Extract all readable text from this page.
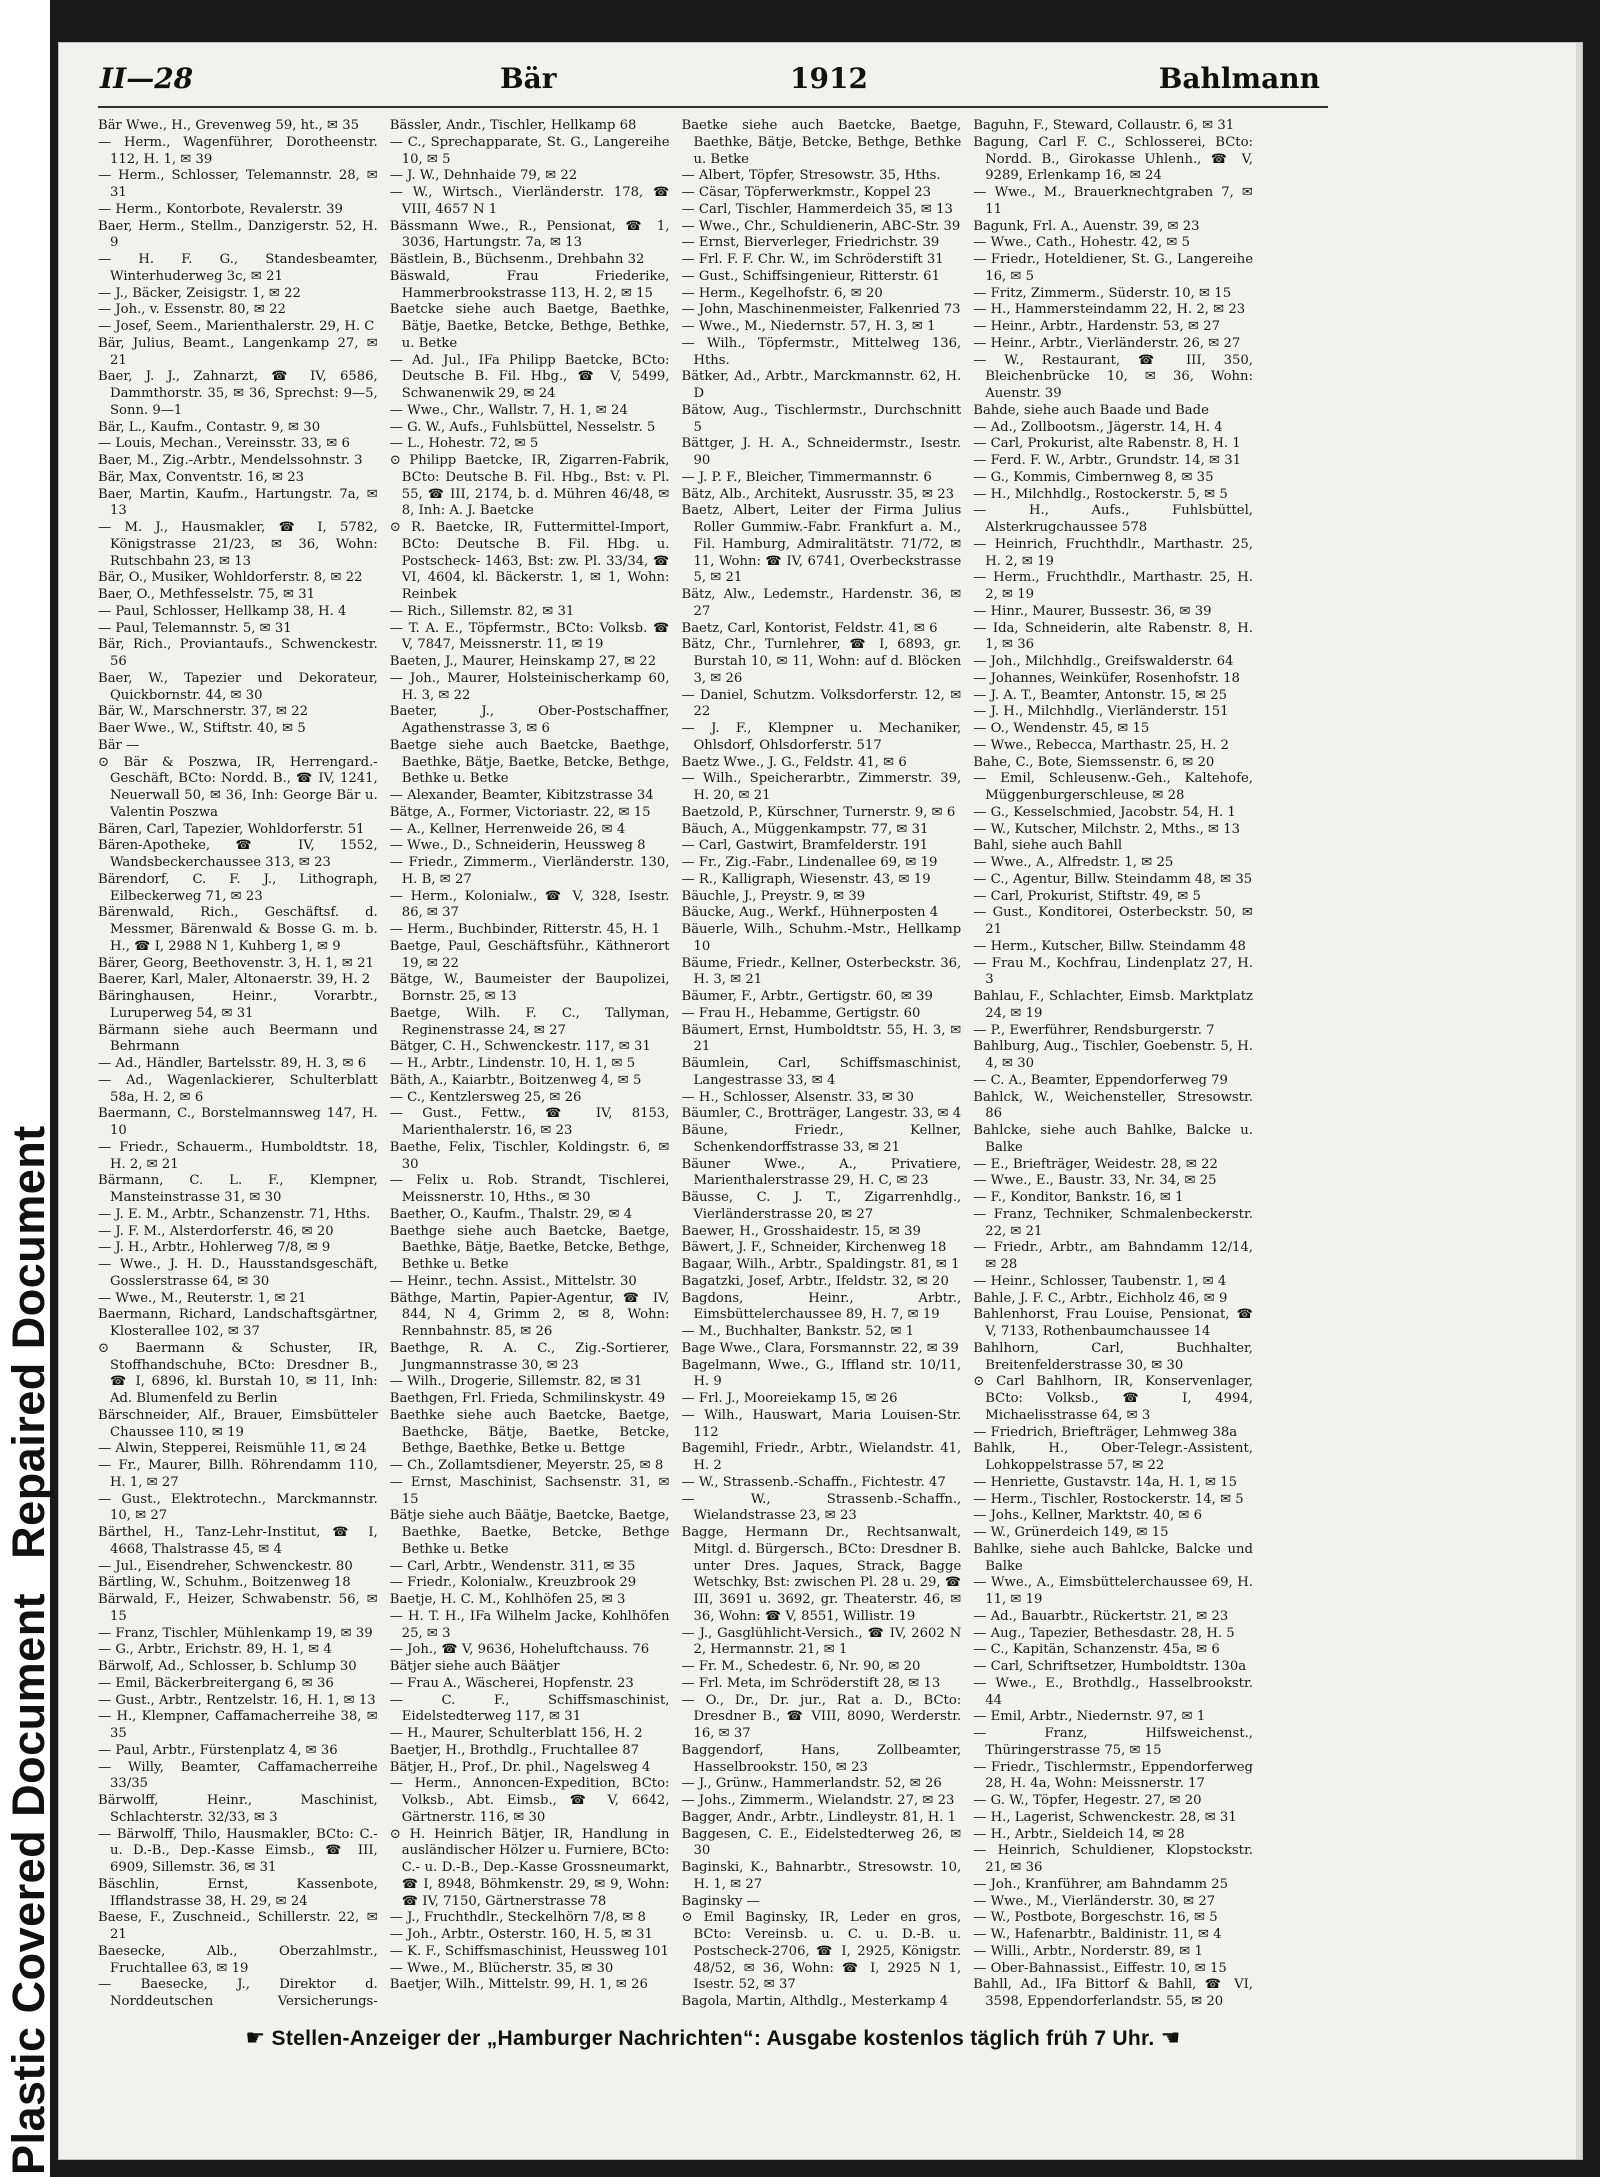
Plastic Covered DocumentRepaired Document
II—28	Bär	1912	Bahlmann

Bär Wwe., H., Grevenweg 59, ht., ✉ 35

— Herm., Wagenführer, Dorotheenstr. 112, H. 1, ✉ 39

— Herm., Schlosser, Telemannstr. 28, ✉ 31

— Herm., Kontorbote, Revalerstr. 39

Baer, Herm., Stellm., Danzigerstr. 52, H. 9

— H. F. G., Standesbeamter, Winterhuderweg 3c, ✉ 21

— J., Bäcker, Zeisigstr. 1, ✉ 22

— Joh., v. Essenstr. 80, ✉ 22

— Josef, Seem., Marienthalerstr. 29, H. C

Bär, Julius, Beamt., Langenkamp 27, ✉ 21

Baer, J. J., Zahnarzt, ☎ IV, 6586, Dammthorstr. 35, ✉ 36, Sprechst: 9—5, Sonn. 9—1

Bär, L., Kaufm., Contastr. 9, ✉ 30

— Louis, Mechan., Vereinsstr. 33, ✉ 6

Baer, M., Zig.-Arbtr., Mendelssohnstr. 3

Bär, Max, Conventstr. 16, ✉ 23

Baer, Martin, Kaufm., Hartungstr. 7a, ✉ 13

— M. J., Hausmakler, ☎ I, 5782, Königstrasse 21/23, ✉ 36, Wohn: Rutschbahn 23, ✉ 13

Bär, O., Musiker, Wohldorferstr. 8, ✉ 22

Baer, O., Methfesselstr. 75, ✉ 31

— Paul, Schlosser, Hellkamp 38, H. 4

— Paul, Telemannstr. 5, ✉ 31

Bär, Rich., Proviantaufs., Schwenckestr. 56

Baer, W., Tapezier und Dekorateur, Quickbornstr. 44, ✉ 30

Bär, W., Marschnerstr. 37, ✉ 22

Baer Wwe., W., Stiftstr. 40, ✉ 5

Bär —

⊙ Bär & Poszwa, IR, Herrengard.-Geschäft, BCto: Nordd. B., ☎ IV, 1241, Neuerwall 50, ✉ 36, Inh: George Bär u. Valentin Poszwa

Bären, Carl, Tapezier, Wohldorferstr. 51

Bären-Apotheke, ☎ IV, 1552, Wandsbeckerchaussee 313, ✉ 23

Bärendorf, C. F. J., Lithograph, Eilbeckerweg 71, ✉ 23

Bärenwald, Rich., Geschäftsf. d. Messmer, Bärenwald & Bosse G. m. b. H., ☎ I, 2988 N 1, Kuhberg 1, ✉ 9

Bärer, Georg, Beethovenstr. 3, H. 1, ✉ 21

Baerer, Karl, Maler, Altonaerstr. 39, H. 2

Bäringhausen, Heinr., Vorarbtr., Luruperweg 54, ✉ 31

Bärmann siehe auch Beermann und Behrmann

— Ad., Händler, Bartelsstr. 89, H. 3, ✉ 6

— Ad., Wagenlackierer, Schulterblatt 58a, H. 2, ✉ 6

Baermann, C., Borstelmannsweg 147, H. 10

— Friedr., Schauerm., Humboldtstr. 18, H. 2, ✉ 21

Bärmann, C. L. F., Klempner, Mansteinstrasse 31, ✉ 30

— J. E. M., Arbtr., Schanzenstr. 71, Hths.

— J. F. M., Alsterdorferstr. 46, ✉ 20

— J. H., Arbtr., Hohlerweg 7/8, ✉ 9

— Wwe., J. H. D., Hausstandsgeschäft, Gosslerstrasse 64, ✉ 30

— Wwe., M., Reuterstr. 1, ✉ 21

Baermann, Richard, Landschaftsgärtner, Klosterallee 102, ✉ 37

⊙ Baermann & Schuster, IR, Stoffhandschuhe, BCto: Dresdner B., ☎ I, 6896, kl. Burstah 10, ✉ 11, Inh: Ad. Blumenfeld zu Berlin

Bärschneider, Alf., Brauer, Eimsbütteler Chaussee 110, ✉ 19

— Alwin, Stepperei, Reismühle 11, ✉ 24

— Fr., Maurer, Billh. Röhrendamm 110, H. 1, ✉ 27

— Gust., Elektrotechn., Marckmannstr. 10, ✉ 27

Bärthel, H., Tanz-Lehr-Institut, ☎ I, 4668, Thalstrasse 45, ✉ 4

— Jul., Eisendreher, Schwenckestr. 80

Bärtling, W., Schuhm., Boitzenweg 18

Bärwald, F., Heizer, Schwabenstr. 56, ✉ 15

— Franz, Tischler, Mühlenkamp 19, ✉ 39

— G., Arbtr., Erichstr. 89, H. 1, ✉ 4

Bärwolf, Ad., Schlosser, b. Schlump 30

— Emil, Bäckerbreitergang 6, ✉ 36

— Gust., Arbtr., Rentzelstr. 16, H. 1, ✉ 13

— H., Klempner, Caffamacherreihe 38, ✉ 35

— Paul, Arbtr., Fürstenplatz 4, ✉ 36

— Willy, Beamter, Caffamacherreihe 33/35

Bärwolff, Heinr., Maschinist, Schlachterstr. 32/33, ✉ 3

— Bärwolff, Thilo, Hausmakler, BCto: C.- u. D.-B., Dep.-Kasse Eimsb., ☎ III, 6909, Sillemstr. 36, ✉ 31

Bäschlin, Ernst, Kassenbote, Ifflandstrasse 38, H. 29, ✉ 24

Baese, F., Zuschneid., Schillerstr. 22, ✉ 21

Baesecke, Alb., Oberzahlmstr., Fruchtallee 63, ✉ 19

— Baesecke, J., Direktor d. Norddeutschen Versicherungs-

Bässler, Andr., Tischler, Hellkamp 68

— C., Sprechapparate, St. G., Langereihe 10, ✉ 5

— J. W., Dehnhaide 79, ✉ 22

— W., Wirtsch., Vierländerstr. 178, ☎ VIII, 4657 N 1

Bässmann Wwe., R., Pensionat, ☎ 1, 3036, Hartungstr. 7a, ✉ 13

Bästlein, B., Büchsenm., Drehbahn 32

Bäswald, Frau Friederike, Hammerbrookstrasse 113, H. 2, ✉ 15

Baetcke siehe auch Baetge, Baethke, Bätje, Baetke, Betcke, Bethge, Bethke, u. Betke

— Ad. Jul., IFa Philipp Baetcke, BCto: Deutsche B. Fil. Hbg., ☎ V, 5499, Schwanenwik 29, ✉ 24

— Wwe., Chr., Wallstr. 7, H. 1, ✉ 24

— G. W., Aufs., Fuhlsbüttel, Nesselstr. 5

— L., Hohestr. 72, ✉ 5

⊙ Philipp Baetcke, IR, Zigarren-Fabrik, BCto: Deutsche B. Fil. Hbg., Bst: v. Pl. 55, ☎ III, 2174, b. d. Mühren 46/48, ✉ 8, Inh: A. J. Baetcke

⊙ R. Baetcke, IR, Futtermittel-Import, BCto: Deutsche B. Fil. Hbg. u. Postscheck- 1463, Bst: zw. Pl. 33/34, ☎ VI, 4604, kl. Bäckerstr. 1, ✉ 1, Wohn: Reinbek

— Rich., Sillemstr. 82, ✉ 31

— T. A. E., Töpfermstr., BCto: Volksb. ☎ V, 7847, Meissnerstr. 11, ✉ 19

Baeten, J., Maurer, Heinskamp 27, ✉ 22

— Joh., Maurer, Holsteinischerkamp 60, H. 3, ✉ 22

Baeter, J., Ober-Postschaffner, Agathenstrasse 3, ✉ 6

Baetge siehe auch Baetcke, Baethge, Baethke, Bätje, Baetke, Betcke, Bethge, Bethke u. Betke

— Alexander, Beamter, Kibitzstrasse 34

Bätge, A., Former, Victoriastr. 22, ✉ 15

— A., Kellner, Herrenweide 26, ✉ 4

— Wwe., D., Schneiderin, Heussweg 8

— Friedr., Zimmerm., Vierländerstr. 130, H. B, ✉ 27

— Herm., Kolonialw., ☎ V, 328, Isestr. 86, ✉ 37

— Herm., Buchbinder, Ritterstr. 45, H. 1

Baetge, Paul, Geschäftsführ., Käthnerort 19, ✉ 22

Bätge, W., Baumeister der Baupolizei, Bornstr. 25, ✉ 13

Baetge, Wilh. F. C., Tallyman, Reginenstrasse 24, ✉ 27

Bätger, C. H., Schwenckestr. 117, ✉ 31

— H., Arbtr., Lindenstr. 10, H. 1, ✉ 5

Bäth, A., Kaiarbtr., Boitzenweg 4, ✉ 5

— C., Kentzlersweg 25, ✉ 26

— Gust., Fettw., ☎ IV, 8153, Marienthalerstr. 16, ✉ 23

Baethe, Felix, Tischler, Koldingstr. 6, ✉ 30

— Felix u. Rob. Strandt, Tischlerei, Meissnerstr. 10, Hths., ✉ 30

Baether, O., Kaufm., Thalstr. 29, ✉ 4

Baethge siehe auch Baetcke, Baetge, Baethke, Bätje, Baetke, Betcke, Bethge, Bethke u. Betke

— Heinr., techn. Assist., Mittelstr. 30

Bäthge, Martin, Papier-Agentur, ☎ IV, 844, N 4, Grimm 2, ✉ 8, Wohn: Rennbahnstr. 85, ✉ 26

Baethge, R. A. C., Zig.-Sortierer, Jungmannstrasse 30, ✉ 23

— Wilh., Drogerie, Sillemstr. 82, ✉ 31

Baethgen, Frl. Frieda, Schmilinskystr. 49

Baethke siehe auch Baetcke, Baetge, Baethcke, Bätje, Baetke, Betcke, Bethge, Baethke, Betke u. Bettge

— Ch., Zollamtsdiener, Meyerstr. 25, ✉ 8

— Ernst, Maschinist, Sachsenstr. 31, ✉ 15

Bätje siehe auch Bäätje, Baetcke, Baetge, Baethke, Baetke, Betcke, Bethge Bethke u. Betke

— Carl, Arbtr., Wendenstr. 311, ✉ 35

— Friedr., Kolonialw., Kreuzbrook 29

Baetje, H. C. M., Kohlhöfen 25, ✉ 3

— H. T. H., IFa Wilhelm Jacke, Kohlhöfen 25, ✉ 3

— Joh., ☎ V, 9636, Hoheluftchauss. 76

Bätjer siehe auch Bäätjer

— Frau A., Wäscherei, Hopfenstr. 23

— C. F., Schiffsmaschinist, Eidelstedterweg 117, ✉ 31

— H., Maurer, Schulterblatt 156, H. 2

Baetjer, H., Brothdlg., Fruchtallee 87

Bätjer, H., Prof., Dr. phil., Nagelsweg 4

— Herm., Annoncen-Expedition, BCto: Volksb., Abt. Eimsb., ☎ V, 6642, Gärtnerstr. 116, ✉ 30

⊙ H. Heinrich Bätjer, IR, Handlung in ausländischer Hölzer u. Furniere, BCto: C.- u. D.-B., Dep.-Kasse Grossneumarkt, ☎ I, 8948, Böhmkenstr. 29, ✉ 9, Wohn: ☎ IV, 7150, Gärtnerstrasse 78

— J., Fruchthdlr., Steckelhörn 7/8, ✉ 8

— Joh., Arbtr., Osterstr. 160, H. 5, ✉ 31

— K. F., Schiffsmaschinist, Heussweg 101

— Wwe., M., Blücherstr. 35, ✉ 30

Baetjer, Wilh., Mittelstr. 99, H. 1, ✉ 26

Baetke siehe auch Baetcke, Baetge, Baethke, Bätje, Betcke, Bethge, Bethke u. Betke

— Albert, Töpfer, Stresowstr. 35, Hths.

— Cäsar, Töpferwerkmstr., Koppel 23

— Carl, Tischler, Hammerdeich 35, ✉ 13

— Wwe., Chr., Schuldienerin, ABC-Str. 39

— Ernst, Bierverleger, Friedrichstr. 39

— Frl. F. F. Chr. W., im Schröderstift 31

— Gust., Schiffsingenieur, Ritterstr. 61

— Herm., Kegelhofstr. 6, ✉ 20

— John, Maschinenmeister, Falkenried 73

— Wwe., M., Niedernstr. 57, H. 3, ✉ 1

— Wilh., Töpfermstr., Mittelweg 136, Hths.

Bätker, Ad., Arbtr., Marckmannstr. 62, H. D

Bätow, Aug., Tischlermstr., Durchschnitt 5

Bättger, J. H. A., Schneidermstr., Isestr. 90

— J. P. F., Bleicher, Timmermannstr. 6

Bätz, Alb., Architekt, Ausrusstr. 35, ✉ 23

Baetz, Albert, Leiter der Firma Julius Roller Gummiw.-Fabr. Frankfurt a. M., Fil. Hamburg, Admiralitätstr. 71/72, ✉ 11, Wohn: ☎ IV, 6741, Overbeckstrasse 5, ✉ 21

Bätz, Alw., Ledemstr., Hardenstr. 36, ✉ 27

Baetz, Carl, Kontorist, Feldstr. 41, ✉ 6

Bätz, Chr., Turnlehrer, ☎ I, 6893, gr. Burstah 10, ✉ 11, Wohn: auf d. Blöcken 3, ✉ 26

— Daniel, Schutzm. Volksdorferstr. 12, ✉ 22

— J. F., Klempner u. Mechaniker, Ohlsdorf, Ohlsdorferstr. 517

Baetz Wwe., J. G., Feldstr. 41, ✉ 6

— Wilh., Speicherarbtr., Zimmerstr. 39, H. 20, ✉ 21

Baetzold, P., Kürschner, Turnerstr. 9, ✉ 6

Bäuch, A., Müggenkampstr. 77, ✉ 31

— Carl, Gastwirt, Bramfelderstr. 191

— Fr., Zig.-Fabr., Lindenallee 69, ✉ 19

— R., Kalligraph, Wiesenstr. 43, ✉ 19

Bäuchle, J., Preystr. 9, ✉ 39

Bäucke, Aug., Werkf., Hühnerposten 4

Bäuerle, Wilh., Schuhm.-Mstr., Hellkamp 10

Bäume, Friedr., Kellner, Osterbeckstr. 36, H. 3, ✉ 21

Bäumer, F., Arbtr., Gertigstr. 60, ✉ 39

— Frau H., Hebamme, Gertigstr. 60

Bäumert, Ernst, Humboldtstr. 55, H. 3, ✉ 21

Bäumlein, Carl, Schiffsmaschinist, Langestrasse 33, ✉ 4

— H., Schlosser, Alsenstr. 33, ✉ 30

Bäumler, C., Brotträger, Langestr. 33, ✉ 4

Bäune, Friedr., Kellner, Schenkendorffstrasse 33, ✉ 21

Bäuner Wwe., A., Privatiere, Marienthalerstrasse 29, H. C, ✉ 23

Bäusse, C. J. T., Zigarrenhdlg., Vierländerstrasse 20, ✉ 27

Baewer, H., Grosshaidestr. 15, ✉ 39

Bäwert, J. F., Schneider, Kirchenweg 18

Bagaar, Wilh., Arbtr., Spaldingstr. 81, ✉ 1

Bagatzki, Josef, Arbtr., Ifeldstr. 32, ✉ 20

Bagdons, Heinr., Arbtr., Eimsbüttelerchaussee 89, H. 7, ✉ 19

— M., Buchhalter, Bankstr. 52, ✉ 1

Bage Wwe., Clara, Forsmannstr. 22, ✉ 39

Bagelmann, Wwe., G., Iffland str. 10/11, H. 9

— Frl. J., Mooreiekamp 15, ✉ 26

— Wilh., Hauswart, Maria Louisen-Str. 112

Bagemihl, Friedr., Arbtr., Wielandstr. 41, H. 2

— W., Strassenb.-Schaffn., Fichtestr. 47

— W., Strassenb.-Schaffn., Wielandstrasse 23, ✉ 23

Bagge, Hermann Dr., Rechtsanwalt, Mitgl. d. Bürgersch., BCto: Dresdner B. unter Dres. Jaques, Strack, Bagge Wetschky, Bst: zwischen Pl. 28 u. 29, ☎ III, 3691 u. 3692, gr. Theaterstr. 46, ✉ 36, Wohn: ☎ V, 8551, Willistr. 19

— J., Gasglühlicht-Versich., ☎ IV, 2602 N 2, Hermannstr. 21, ✉ 1

— Fr. M., Schedestr. 6, Nr. 90, ✉ 20

— Frl. Meta, im Schröderstift 28, ✉ 13

— O., Dr., Dr. jur., Rat a. D., BCto: Dresdner B., ☎ VIII, 8090, Werderstr. 16, ✉ 37

Baggendorf, Hans, Zollbeamter, Hasselbrookstr. 150, ✉ 23

— J., Grünw., Hammerlandstr. 52, ✉ 26

— Johs., Zimmerm., Wielandstr. 27, ✉ 23

Bagger, Andr., Arbtr., Lindleystr. 81, H. 1

Baggesen, C. E., Eidelstedterweg 26, ✉ 30

Baginski, K., Bahnarbtr., Stresowstr. 10, H. 1, ✉ 27

Baginsky —

⊙ Emil Baginsky, IR, Leder en gros, BCto: Vereinsb. u. C. u. D.-B. u. Postscheck-2706, ☎ I, 2925, Königstr. 48/52, ✉ 36, Wohn: ☎ I, 2925 N 1, Isestr. 52, ✉ 37

Bagola, Martin, Althdlg., Mesterkamp 4

Baguhn, F., Steward, Collaustr. 6, ✉ 31

Bagung, Carl F. C., Schlosserei, BCto: Nordd. B., Girokasse Uhlenh., ☎ V, 9289, Erlenkamp 16, ✉ 24

— Wwe., M., Brauerknechtgraben 7, ✉ 11

Bagunk, Frl. A., Auenstr. 39, ✉ 23

— Wwe., Cath., Hohestr. 42, ✉ 5

— Friedr., Hoteldiener, St. G., Langereihe 16, ✉ 5

— Fritz, Zimmerm., Süderstr. 10, ✉ 15

— H., Hammersteindamm 22, H. 2, ✉ 23

— Heinr., Arbtr., Hardenstr. 53, ✉ 27

— Heinr., Arbtr., Vierländerstr. 26, ✉ 27

— W., Restaurant, ☎ III, 350, Bleichenbrücke 10, ✉ 36, Wohn: Auenstr. 39

Bahde, siehe auch Baade und Bade

— Ad., Zollbootsm., Jägerstr. 14, H. 4

— Carl, Prokurist, alte Rabenstr. 8, H. 1

— Ferd. F. W., Arbtr., Grundstr. 14, ✉ 31

— G., Kommis, Cimbernweg 8, ✉ 35

— H., Milchhdlg., Rostockerstr. 5, ✉ 5

— H., Aufs., Fuhlsbüttel, Alsterkrugchaussee 578

— Heinrich, Fruchthdlr., Marthastr. 25, H. 2, ✉ 19

— Herm., Fruchthdlr., Marthastr. 25, H. 2, ✉ 19

— Hinr., Maurer, Bussestr. 36, ✉ 39

— Ida, Schneiderin, alte Rabenstr. 8, H. 1, ✉ 36

— Joh., Milchhdlg., Greifswalderstr. 64

— Johannes, Weinküfer, Rosenhofstr. 18

— J. A. T., Beamter, Antonstr. 15, ✉ 25

— J. H., Milchhdlg., Vierländerstr. 151

— O., Wendenstr. 45, ✉ 15

— Wwe., Rebecca, Marthastr. 25, H. 2

Bahe, C., Bote, Siemssenstr. 6, ✉ 20

— Emil, Schleusenw.-Geh., Kaltehofe, Müggenburgerschleuse, ✉ 28

— G., Kesselschmied, Jacobstr. 54, H. 1

— W., Kutscher, Milchstr. 2, Mths., ✉ 13

Bahl, siehe auch Bahll

— Wwe., A., Alfredstr. 1, ✉ 25

— C., Agentur, Billw. Steindamm 48, ✉ 35

— Carl, Prokurist, Stiftstr. 49, ✉ 5

— Gust., Konditorei, Osterbeckstr. 50, ✉ 21

— Herm., Kutscher, Billw. Steindamm 48

— Frau M., Kochfrau, Lindenplatz 27, H. 3

Bahlau, F., Schlachter, Eimsb. Marktplatz 24, ✉ 19

— P., Ewerführer, Rendsburgerstr. 7

Bahlburg, Aug., Tischler, Goebenstr. 5, H. 4, ✉ 30

— C. A., Beamter, Eppendorferweg 79

Bahlck, W., Weichensteller, Stresowstr. 86

Bahlcke, siehe auch Bahlke, Balcke u. Balke

— E., Briefträger, Weidestr. 28, ✉ 22

— Wwe., E., Baustr. 33, Nr. 34, ✉ 25

— F., Konditor, Bankstr. 16, ✉ 1

— Franz, Techniker, Schmalenbeckerstr. 22, ✉ 21

— Friedr., Arbtr., am Bahndamm 12/14, ✉ 28

— Heinr., Schlosser, Taubenstr. 1, ✉ 4

Bahle, J. F. C., Arbtr., Eichholz 46, ✉ 9

Bahlenhorst, Frau Louise, Pensionat, ☎ V, 7133, Rothenbaumchaussee 14

Bahlhorn, Carl, Buchhalter, Breitenfelderstrasse 30, ✉ 30

⊙ Carl Bahlhorn, IR, Konservenlager, BCto: Volksb., ☎ I, 4994, Michaelisstrasse 64, ✉ 3

— Friedrich, Briefträger, Lehmweg 38a

Bahlk, H., Ober-Telegr.-Assistent, Lohkoppelstrasse 57, ✉ 22

— Henriette, Gustavstr. 14a, H. 1, ✉ 15

— Herm., Tischler, Rostockerstr. 14, ✉ 5

— Johs., Kellner, Marktstr. 40, ✉ 6

— W., Grünerdeich 149, ✉ 15

Bahlke, siehe auch Bahlcke, Balcke und Balke

— Wwe., A., Eimsbüttelerchaussee 69, H. 11, ✉ 19

— Ad., Bauarbtr., Rückertstr. 21, ✉ 23

— Aug., Tapezier, Bethesdastr. 28, H. 5

— C., Kapitän, Schanzenstr. 45a, ✉ 6

— Carl, Schriftsetzer, Humboldtstr. 130a

— Wwe., E., Brothdlg., Hasselbrookstr. 44

— Emil, Arbtr., Niedernstr. 97, ✉ 1

— Franz, Hilfsweichenst., Thüringerstrasse 75, ✉ 15

— Friedr., Tischlermstr., Eppendorferweg 28, H. 4a, Wohn: Meissnerstr. 17

— G. W., Töpfer, Hegestr. 27, ✉ 20

— H., Lagerist, Schwenckestr. 28, ✉ 31

— H., Arbtr., Sieldeich 14, ✉ 28

— Heinrich, Schuldiener, Klopstockstr. 21, ✉ 36

— Joh., Kranführer, am Bahndamm 25

— Wwe., M., Vierländerstr. 30, ✉ 27

— W., Postbote, Borgeschstr. 16, ✉ 5

— W., Hafenarbtr., Baldinistr. 11, ✉ 4

— Willi., Arbtr., Norderstr. 89, ✉ 1

— Ober-Bahnassist., Eiffestr. 10, ✉ 15

Bahll, Ad., IFa Bittorf & Bahll, ☎ VI, 3598, Eppendorferlandstr. 55, ✉ 20

☛ Stellen-Anzeiger der „Hamburger Nachrichten“: Ausgabe kostenlos täglich früh 7 Uhr. ☚
